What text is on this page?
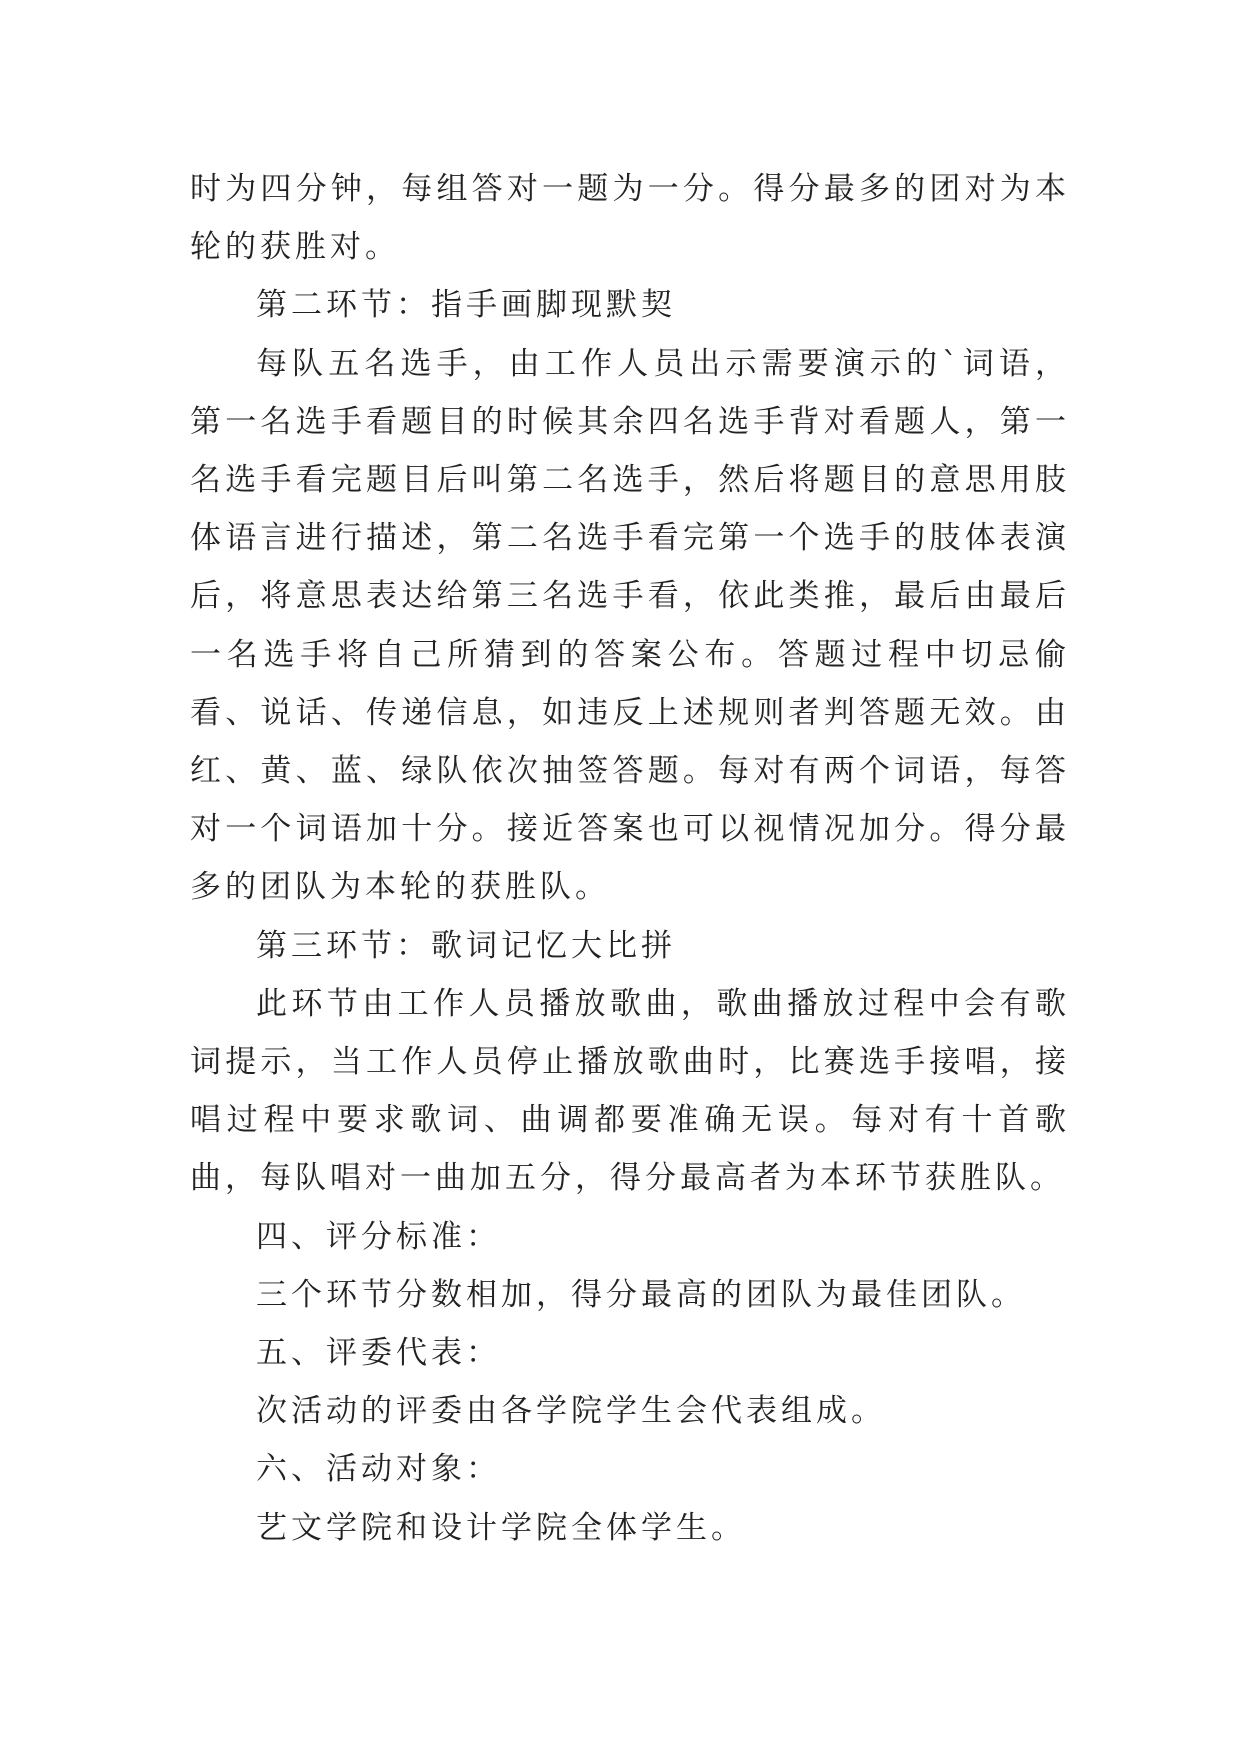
时为四分钟，每组答对一题为一分。得分最多的团对为本轮的获胜对。

第二环节：指手画脚现默契

每队五名选手，由工作人员出示需要演示的`词语，第一名选手看题目的时候其余四名选手背对看题人，第一名选手看完题目后叫第二名选手，然后将题目的意思用肢体语言进行描述，第二名选手看完第一个选手的肢体表演后，将意思表达给第三名选手看，依此类推，最后由最后一名选手将自己所猜到的答案公布。答题过程中切忌偷看、说话、传递信息，如违反上述规则者判答题无效。由红、黄、蓝、绿队依次抽签答题。每对有两个词语，每答对一个词语加十分。接近答案也可以视情况加分。得分最多的团队为本轮的获胜队。

第三环节：歌词记忆大比拼

此环节由工作人员播放歌曲，歌曲播放过程中会有歌词提示，当工作人员停止播放歌曲时，比赛选手接唱，接唱过程中要求歌词、曲调都要准确无误。每对有十首歌曲，每队唱对一曲加五分，得分最高者为本环节获胜队。

四、评分标准：

三个环节分数相加，得分最高的团队为最佳团队。

五、评委代表：

次活动的评委由各学院学生会代表组成。

六、活动对象：

艺文学院和设计学院全体学生。
